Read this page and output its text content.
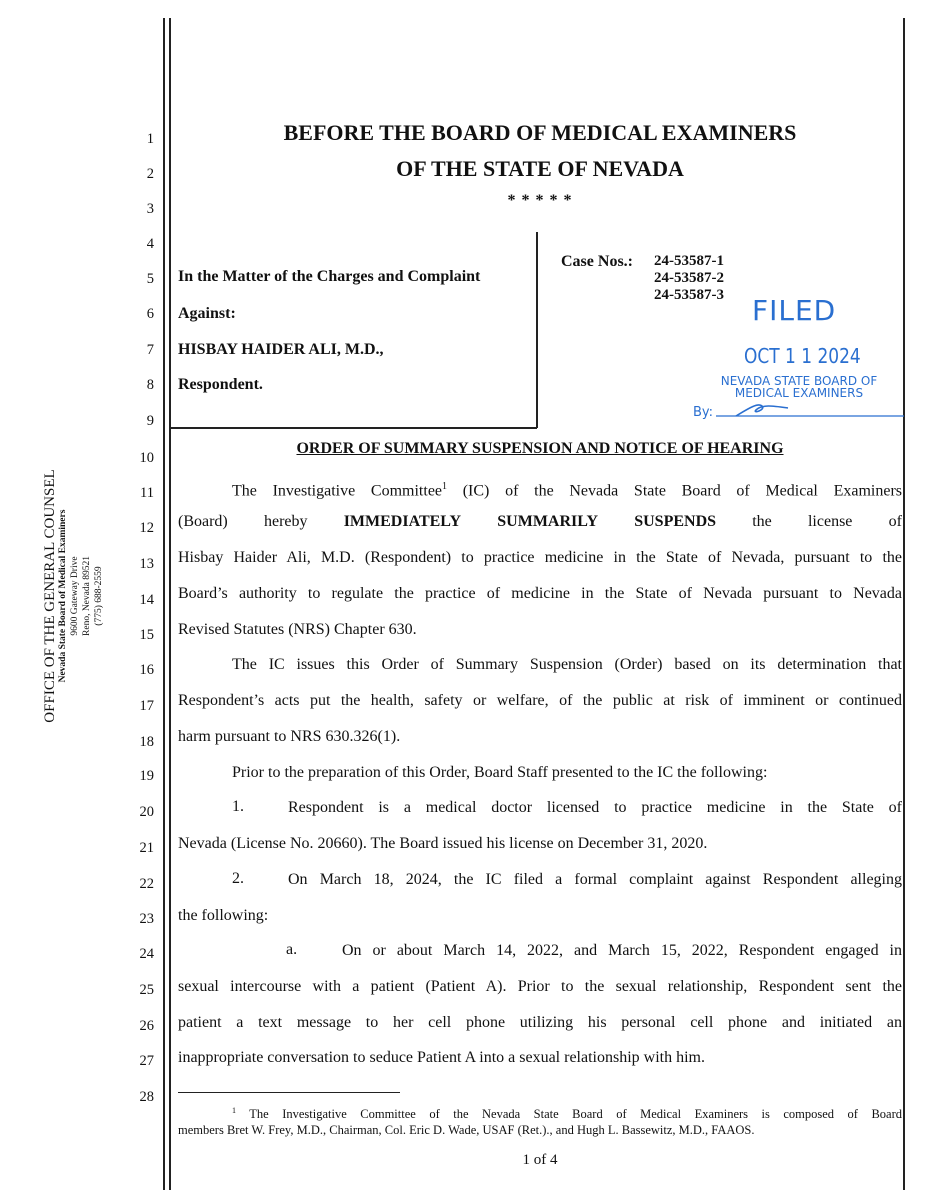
1
2
3
4
5
6
7
8
9
10
11
12
13
14
15
16
17
18
19
20
21
22
23
24
25
26
27
28
OFFICE OF THE GENERAL COUNSEL Nevada State Board of Medical Examiners 9600 Gateway Drive Reno, Nevada 89521 (775) 688-2559
BEFORE THE BOARD OF MEDICAL EXAMINERS
OF THE STATE OF NEVADA
* * * * *
In the Matter of the Charges and Complaint
Against:
HISBAY HAIDER ALI, M.D.,
Respondent.
Case Nos.: 24-53587-1
24-53587-2
24-53587-3 FILED
OCT 1 1 2024
NEVADA STATE BOARD OF
MEDICAL EXAMINERS
By:
ORDER OF SUMMARY SUSPENSION AND NOTICE OF HEARING
The Investigative Committee$^1$ (IC) of the Nevada State Board of Medical Examiners
(Board) hereby IMMEDIATELY SUMMARILY SUSPENDS the license of
Hisbay Haider Ali, M.D. (Respondent) to practice medicine in the State of Nevada, pursuant to the
Board’s authority to regulate the practice of medicine in the State of Nevada pursuant to Nevada
Revised Statutes (NRS) Chapter 630.
The IC issues this Order of Summary Suspension (Order) based on its determination that
Respondent’s acts put the health, safety or welfare, of the public at risk of imminent or continued
harm pursuant to NRS 630.326(1).
Prior to the preparation of this Order, Board Staff presented to the IC the following:
1.	Respondent is a medical doctor licensed to practice medicine in the State of
Nevada (License No. 20660). The Board issued his license on December 31, 2020.
2.	On March 18, 2024, the IC filed a formal complaint against Respondent alleging
the following:
a.	On or about March 14, 2022, and March 15, 2022, Respondent engaged in
sexual intercourse with a patient (Patient A). Prior to the sexual relationship, Respondent sent the
patient a text message to her cell phone utilizing his personal cell phone and initiated an
inappropriate conversation to seduce Patient A into a sexual relationship with him.
$^1$ The Investigative Committee of the Nevada State Board of Medical Examiners is composed of Board
members Bret W. Frey, M.D., Chairman, Col. Eric D. Wade, USAF (Ret.)., and Hugh L. Bassewitz, M.D., FAAOS.
1 of 4
